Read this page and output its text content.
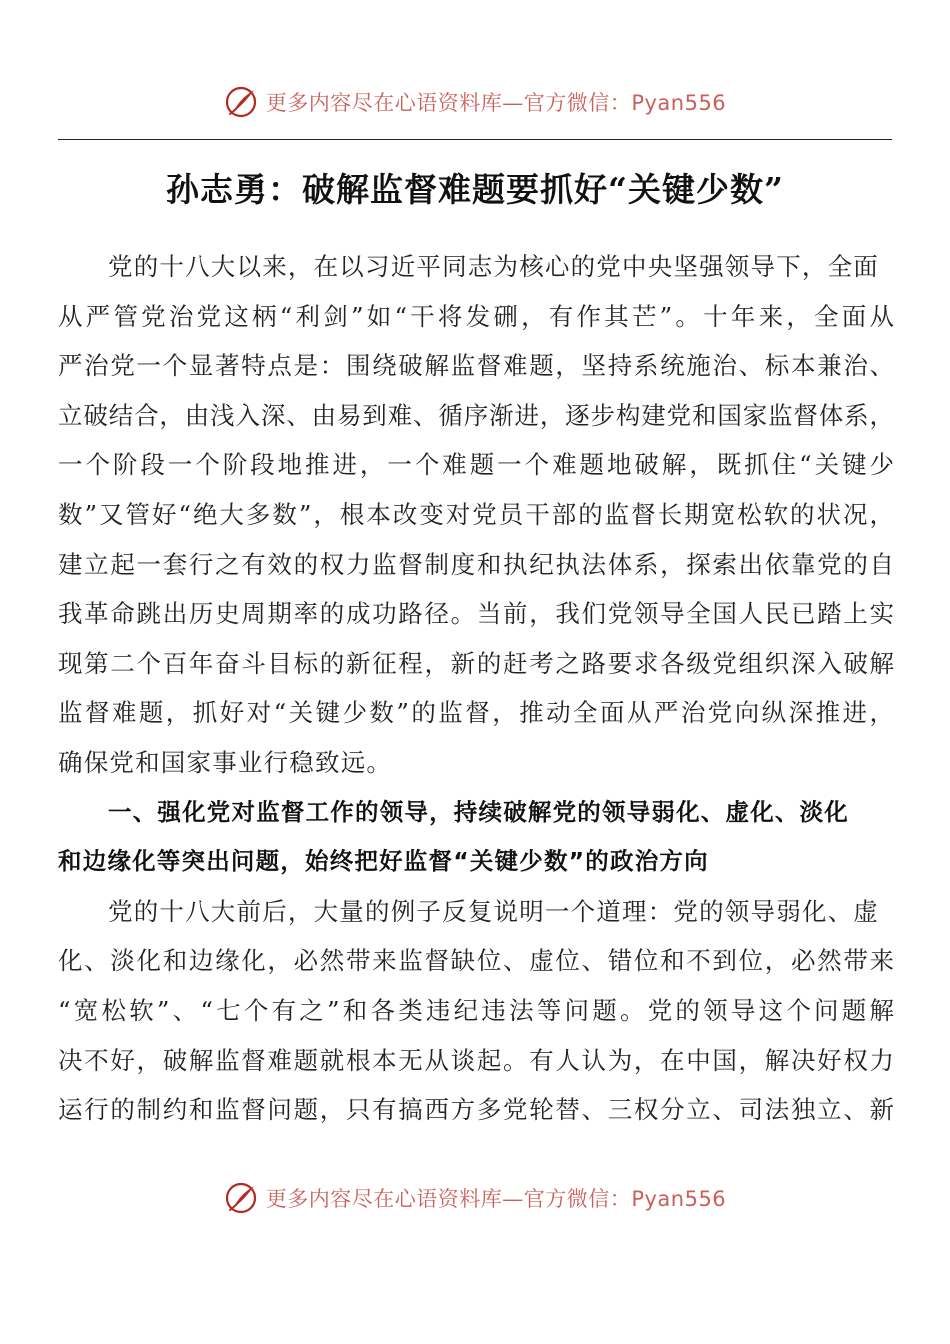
更多内容尽在心语资料库—官方微信：Pyan556
孙志勇：破解监督难题要抓好“关键少数”
党的十八大以来，在以习近平同志为核心的党中央坚强领导下，全面
从严管党治党这柄“利剑”如“干将发硎，有作其芒”。十年来，全面从
严治党一个显著特点是：围绕破解监督难题，坚持系统施治、标本兼治、
立破结合，由浅入深、由易到难、循序渐进，逐步构建党和国家监督体系，
一个阶段一个阶段地推进，一个难题一个难题地破解，既抓住“关键少
数”又管好“绝大多数”，根本改变对党员干部的监督长期宽松软的状况，
建立起一套行之有效的权力监督制度和执纪执法体系，探索出依靠党的自
我革命跳出历史周期率的成功路径。当前，我们党领导全国人民已踏上实
现第二个百年奋斗目标的新征程，新的赶考之路要求各级党组织深入破解
监督难题，抓好对“关键少数”的监督，推动全面从严治党向纵深推进，
确保党和国家事业行稳致远。
一、强化党对监督工作的领导，持续破解党的领导弱化、虚化、淡化
和边缘化等突出问题，始终把好监督“关键少数”的政治方向
党的十八大前后，大量的例子反复说明一个道理：党的领导弱化、虚
化、淡化和边缘化，必然带来监督缺位、虚位、错位和不到位，必然带来
“宽松软”、“七个有之”和各类违纪违法等问题。党的领导这个问题解
决不好，破解监督难题就根本无从谈起。有人认为，在中国，解决好权力
运行的制约和监督问题，只有搞西方多党轮替、三权分立、司法独立、新
更多内容尽在心语资料库—官方微信：Pyan556
